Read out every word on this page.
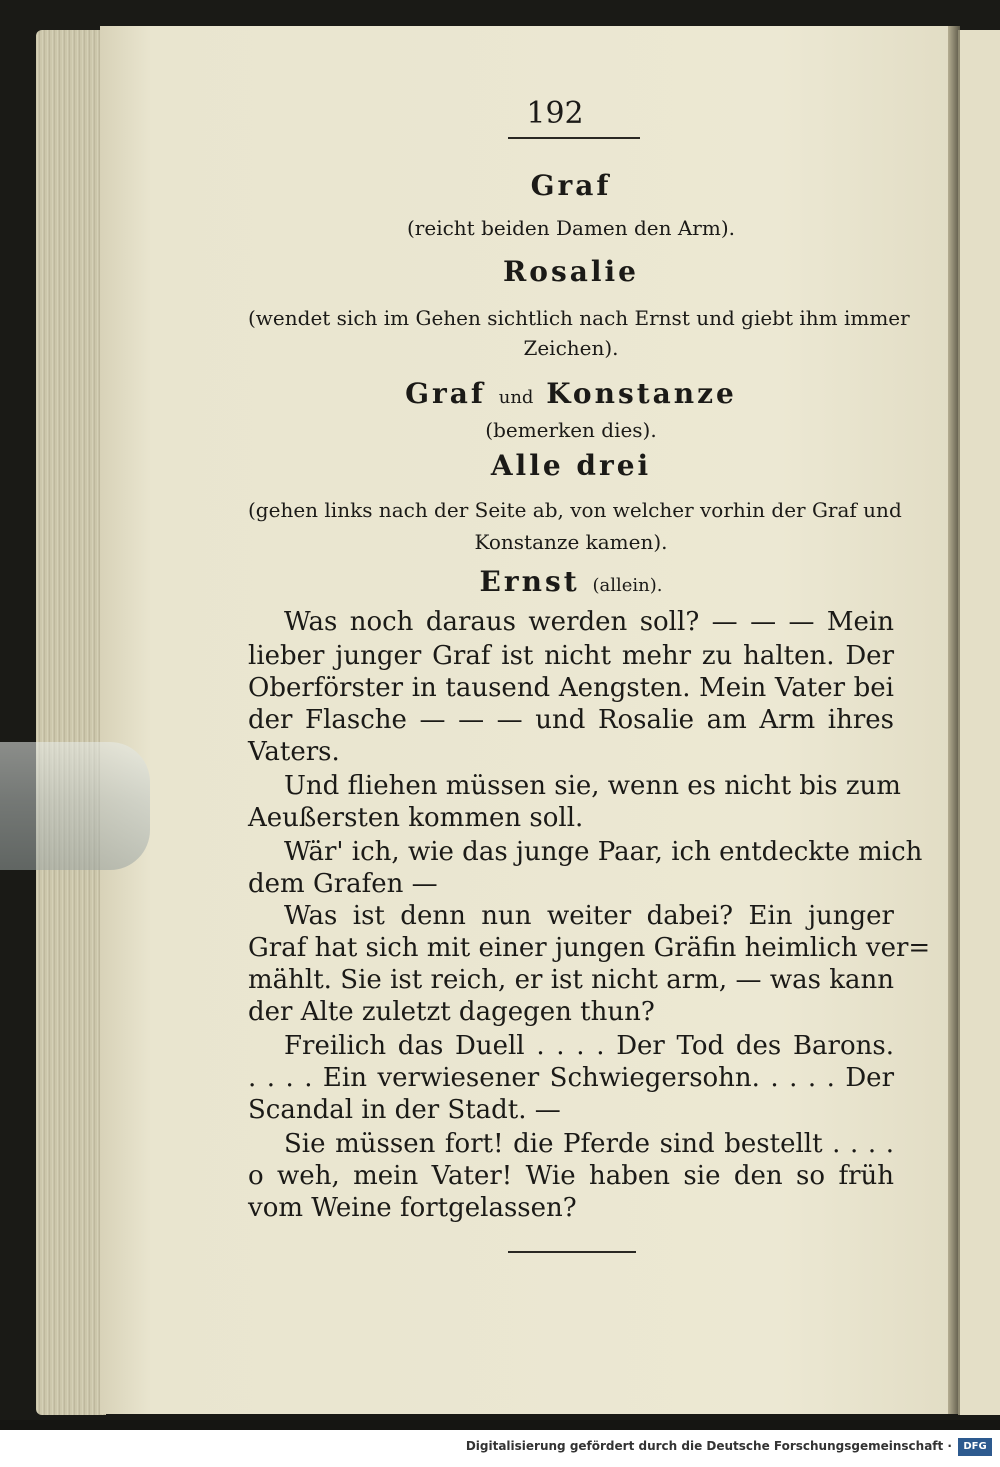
192

Graf

(reicht beiden Damen den Arm).

Rosalie

(wendet sich im Gehen sichtlich nach Ernst und giebt ihm immer

Zeichen).

Graf und Konstanze

(bemerken dies).

Alle drei

(gehen links nach der Seite ab, von welcher vorhin der Graf und

Konstanze kamen).

Ernst (allein).

Was noch daraus werden soll? — — — Mein

lieber junger Graf ist nicht mehr zu halten. Der

Oberförster in tausend Aengsten. Mein Vater bei

der Flasche — — — und Rosalie am Arm ihres

Vaters.

Und fliehen müssen sie, wenn es nicht bis zum

Aeußersten kommen soll.

Wär' ich, wie das junge Paar, ich entdeckte mich

dem Grafen —

Was ist denn nun weiter dabei? Ein junger

Graf hat sich mit einer jungen Gräfin heimlich ver=

mählt. Sie ist reich, er ist nicht arm, — was kann

der Alte zuletzt dagegen thun?

Freilich das Duell . . . . Der Tod des Barons.

. . . . Ein verwiesener Schwiegersohn. . . . . Der

Scandal in der Stadt. —

Sie müssen fort! die Pferde sind bestellt . . . .

o weh, mein Vater! Wie haben sie den so früh

vom Weine fortgelassen?

Digitalisierung gefördert durch die Deutsche Forschungsgemeinschaft ·	DFG
